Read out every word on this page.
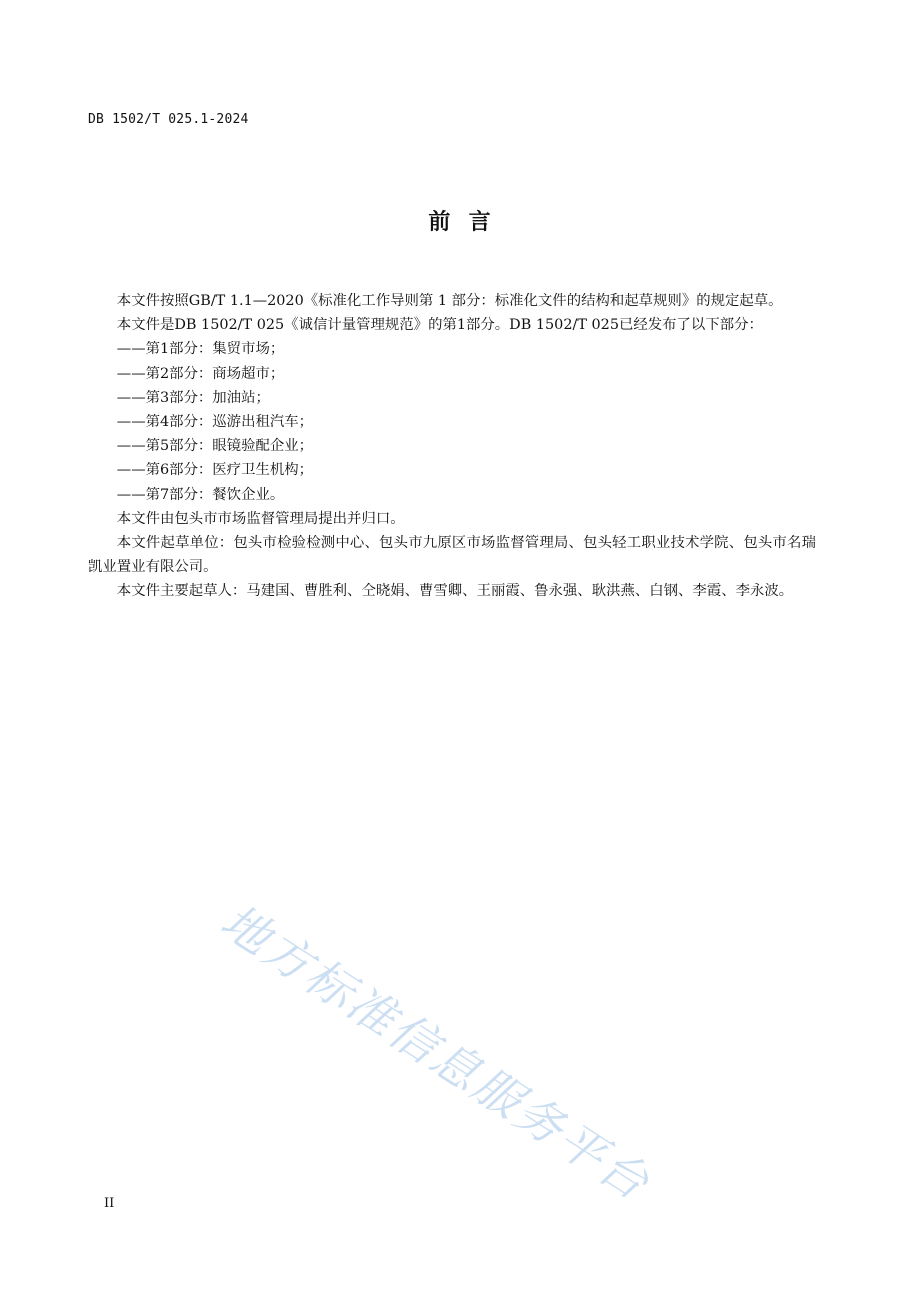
DB 1502/T 025.1-2024
前  言

本文件按照GB/T 1.1—2020《标准化工作导则第 1 部分：标准化文件的结构和起草规则》的规定起草。

本文件是DB 1502/T 025《诚信计量管理规范》的第1部分。DB 1502/T 025已经发布了以下部分：

——第1部分：集贸市场；

——第2部分：商场超市；

——第3部分：加油站；

——第4部分：巡游出租汽车；

——第5部分：眼镜验配企业；

——第6部分：医疗卫生机构；

——第7部分：餐饮企业。

本文件由包头市市场监督管理局提出并归口。

本文件起草单位：包头市检验检测中心、包头市九原区市场监督管理局、包头轻工职业技术学院、包头市名瑞凯业置业有限公司。

本文件主要起草人：马建国、曹胜利、仝晓娟、曹雪卿、王丽霞、鲁永强、耿洪燕、白钢、李霞、李永波。

地方标准信息服务平台
II
